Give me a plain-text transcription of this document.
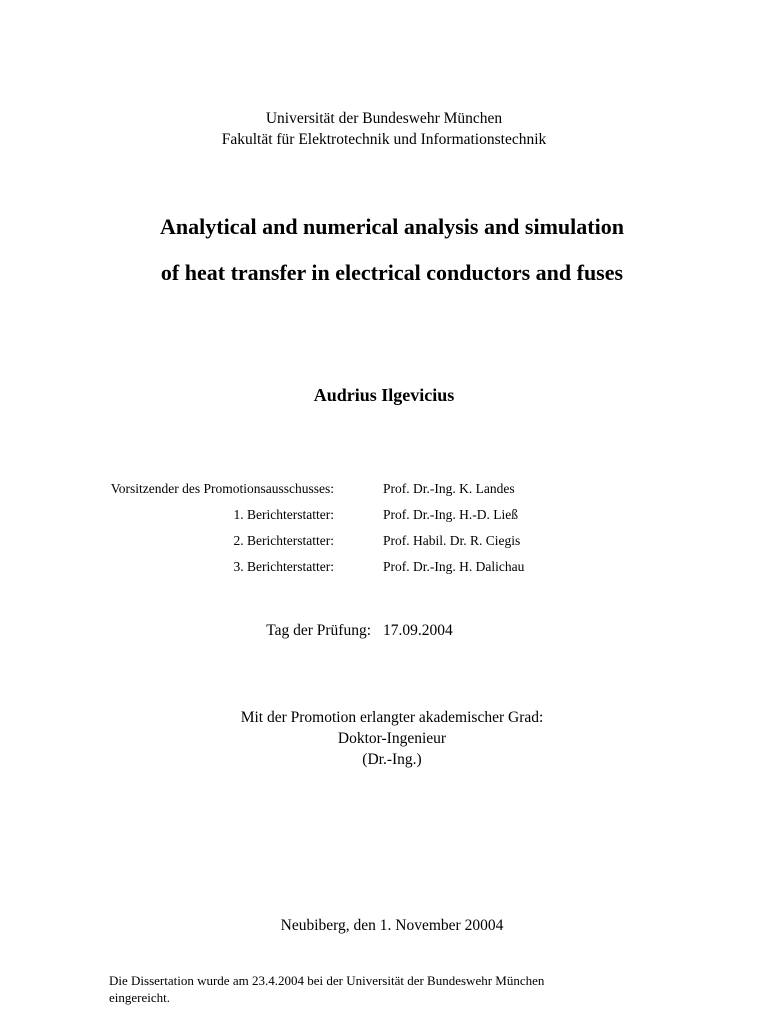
Universität der Bundeswehr München
Fakultät für Elektrotechnik und Informationstechnik
Analytical and numerical analysis and simulation
of heat transfer in electrical conductors and fuses
Audrius Ilgevicius
Vorsitzender des Promotionsausschusses:	Prof. Dr.-Ing. K. Landes
1. Berichterstatter:	Prof. Dr.-Ing. H.-D. Ließ
2. Berichterstatter:	Prof. Habil. Dr. R. Ciegis
3. Berichterstatter:	Prof. Dr.-Ing. H. Dalichau
Tag der Prüfung: 17.09.2004
Mit der Promotion erlangter akademischer Grad:
Doktor-Ingenieur
(Dr.-Ing.)
Neubiberg, den 1. November 20004
Die Dissertation wurde am 23.4.2004 bei der Universität der Bundeswehr München
eingereicht.
